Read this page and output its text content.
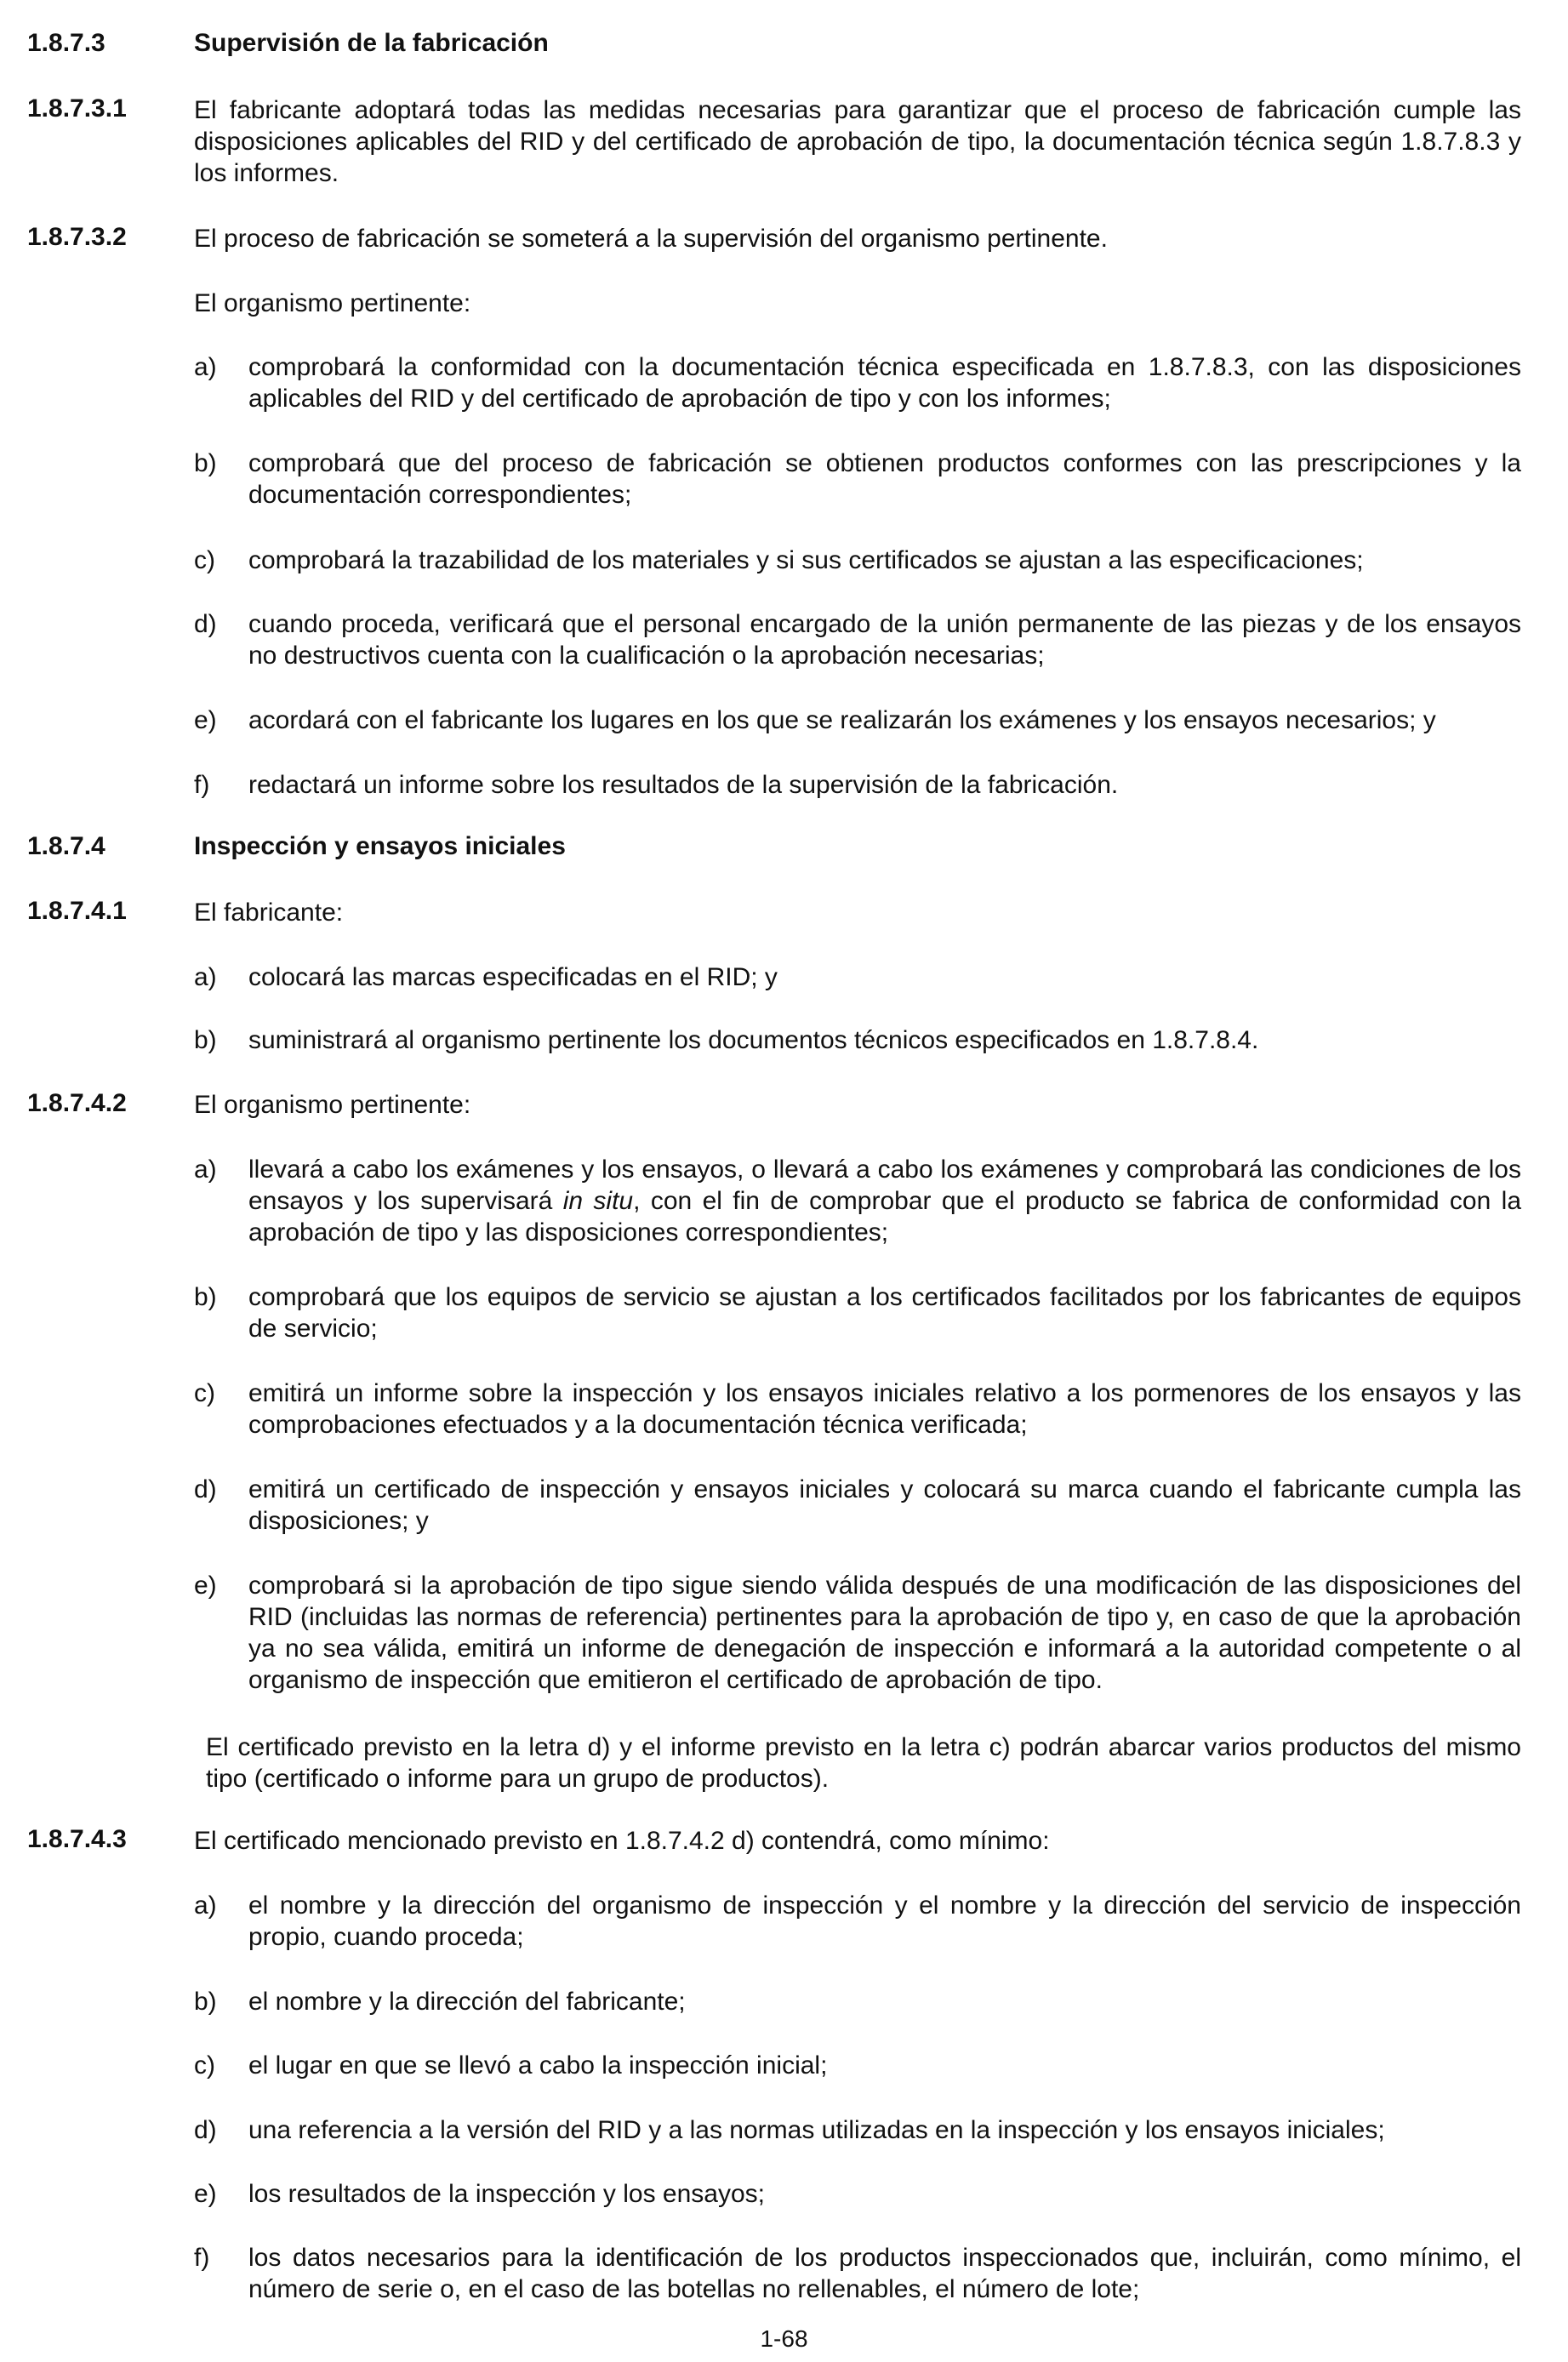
1.8.7.3	Supervisión de la fabricación
1.8.7.3.1	El fabricante adoptará todas las medidas necesarias para garantizar que el proceso de fabricación cumple las disposiciones aplicables del RID y del certificado de aprobación de tipo, la documentación técnica según 1.8.7.8.3 y los informes.
1.8.7.3.2	El proceso de fabricación se someterá a la supervisión del organismo pertinente.
El organismo pertinente:
a) comprobará la conformidad con la documentación técnica especificada en 1.8.7.8.3, con las disposiciones aplicables del RID y del certificado de aprobación de tipo y con los informes;
b) comprobará que del proceso de fabricación se obtienen productos conformes con las prescripciones y la documentación correspondientes;
c) comprobará la trazabilidad de los materiales y si sus certificados se ajustan a las especificaciones;
d) cuando proceda, verificará que el personal encargado de la unión permanente de las piezas y de los ensayos no destructivos cuenta con la cualificación o la aprobación necesarias;
e) acordará con el fabricante los lugares en los que se realizarán los exámenes y los ensayos necesarios; y
f) redactará un informe sobre los resultados de la supervisión de la fabricación.
1.8.7.4	Inspección y ensayos iniciales
1.8.7.4.1	El fabricante:
a) colocará las marcas especificadas en el RID; y
b) suministrará al organismo pertinente los documentos técnicos especificados en 1.8.7.8.4.
1.8.7.4.2	El organismo pertinente:
a) llevará a cabo los exámenes y los ensayos, o llevará a cabo los exámenes y comprobará las condiciones de los ensayos y los supervisará in situ, con el fin de comprobar que el producto se fabrica de conformidad con la aprobación de tipo y las disposiciones correspondientes;
b) comprobará que los equipos de servicio se ajustan a los certificados facilitados por los fabricantes de equipos de servicio;
c) emitirá un informe sobre la inspección y los ensayos iniciales relativo a los pormenores de los ensayos y las comprobaciones efectuados y a la documentación técnica verificada;
d) emitirá un certificado de inspección y ensayos iniciales y colocará su marca cuando el fabricante cumpla las disposiciones; y
e) comprobará si la aprobación de tipo sigue siendo válida después de una modificación de las disposiciones del RID (incluidas las normas de referencia) pertinentes para la aprobación de tipo y, en caso de que la aprobación ya no sea válida, emitirá un informe de denegación de inspección e informará a la autoridad competente o al organismo de inspección que emitieron el certificado de aprobación de tipo.
El certificado previsto en la letra d) y el informe previsto en la letra c) podrán abarcar varios productos del mismo tipo (certificado o informe para un grupo de productos).
1.8.7.4.3	El certificado mencionado previsto en 1.8.7.4.2 d) contendrá, como mínimo:
a) el nombre y la dirección del organismo de inspección y el nombre y la dirección del servicio de inspección propio, cuando proceda;
b) el nombre y la dirección del fabricante;
c) el lugar en que se llevó a cabo la inspección inicial;
d) una referencia a la versión del RID y a las normas utilizadas en la inspección y los ensayos iniciales;
e) los resultados de la inspección y los ensayos;
f) los datos necesarios para la identificación de los productos inspeccionados que, incluirán, como mínimo, el número de serie o, en el caso de las botellas no rellenables, el número de lote;
1-68
